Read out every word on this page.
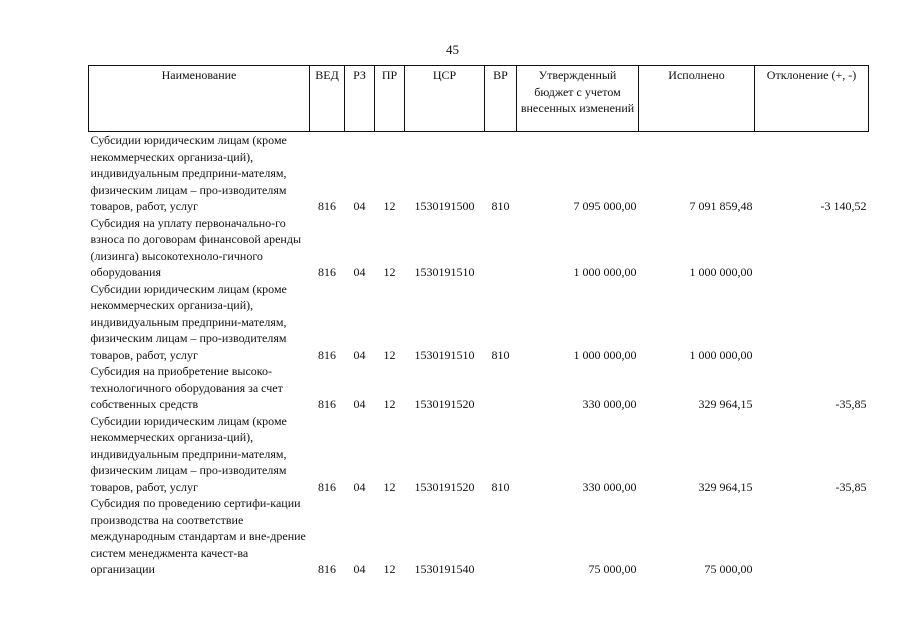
45
Наименование	ВЕД	РЗ	ПР	ЦСР	ВР	Утвержденный бюджет с учетом внесенных изменений	Исполнено	Отклонение (+, -)
Субсидии юридическим лицам (кроме некоммерческих организа-ций), индивидуальным предприни-мателям, физическим лицам – про-изводителям товаров, работ, услуг	816	04	12	1530191500	810	7 095 000,00	7 091 859,48	-3 140,52
Субсидия на уплату первоначально-го взноса по договорам финансовой аренды (лизинга) высокотехноло-гичного оборудования	816	04	12	1530191510		1 000 000,00	1 000 000,00	
Субсидии юридическим лицам (кроме некоммерческих организа-ций), индивидуальным предприни-мателям, физическим лицам – про-изводителям товаров, работ, услуг	816	04	12	1530191510	810	1 000 000,00	1 000 000,00	
Субсидия на приобретение высоко-технологичного оборудования за счет собственных средств	816	04	12	1530191520		330 000,00	329 964,15	-35,85
Субсидии юридическим лицам (кроме некоммерческих организа-ций), индивидуальным предприни-мателям, физическим лицам – про-изводителям товаров, работ, услуг	816	04	12	1530191520	810	330 000,00	329 964,15	-35,85
Субсидия по проведению сертифи-кации производства на соответствие международным стандартам и вне-дрение систем менеджмента качест-ва организации	816	04	12	1530191540		75 000,00	75 000,00	
